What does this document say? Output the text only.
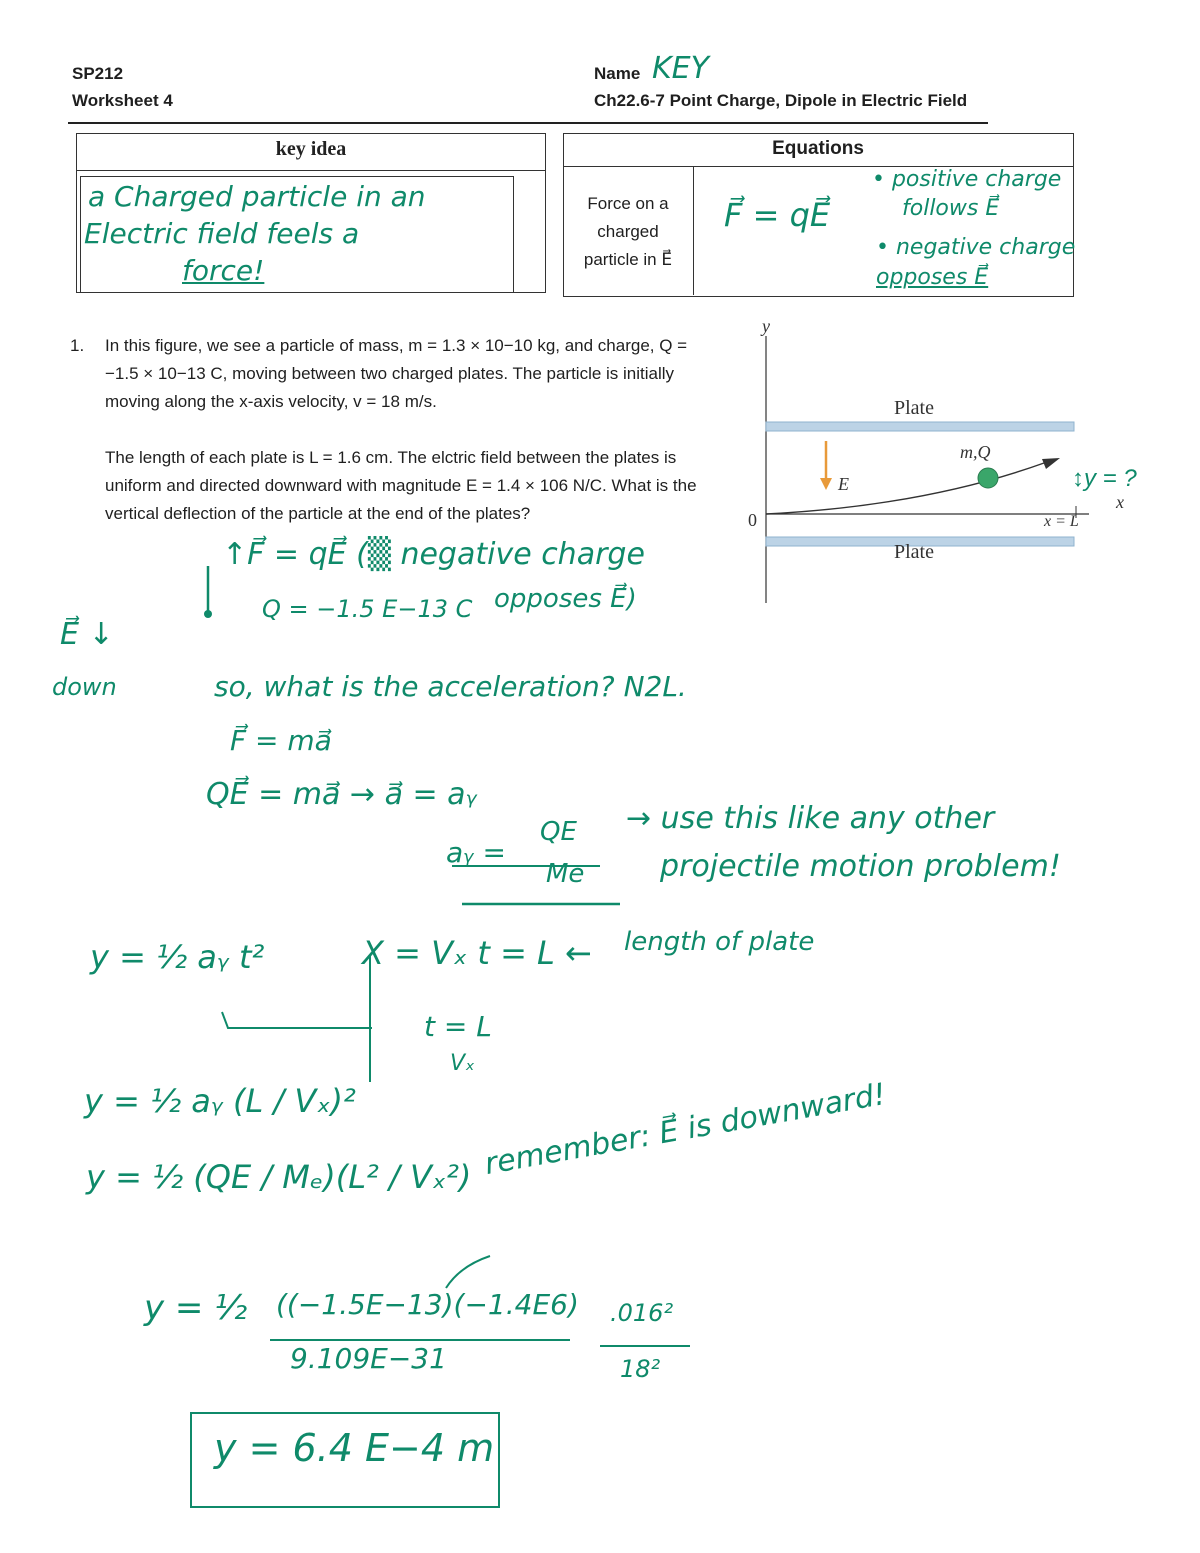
SP212
Worksheet 4
Name KEY
Ch22.6-7 Point Charge, Dipole in Electric Field
key idea
a Charged particle in an
Electric field feels a
force!
Equations
Force on a
charged
particle in E⃗
F⃗ = qE⃗
• positive charge
follows E⃗
• negative charge
opposes E⃗
1. In this figure, we see a particle of mass, m = 1.3 × 10−10 kg, and charge, Q = −1.5 × 10−13 C, moving between two charged plates. The particle is initially moving along the x-axis velocity, v = 18 m/s.
The length of each plate is L = 1.6 cm. The elctric field between the plates is uniform and directed downward with magnitude E = 1.4 × 106 N/C. What is the vertical deflection of the particle at the end of the plates?
y
Plate
Plate
0
x
m,Q
E⃗
x = L
↕y = ?
↑F⃗ = qE⃗ (▒ negative charge
Q = −1.5 E−13 C opposes E⃗)
E⃗ ↓
down	so, what is the acceleration? N2L.
F⃗ = ma⃗
QE⃗ = ma⃗ → a⃗ = aᵧ
QE
aᵧ =
Me
→ use this like any other
projectile motion problem!
y = ½ aᵧ t²	X = Vₓ t = L ← length of plate
t = L
Vₓ
y = ½ aᵧ (L / Vₓ)²
y = ½ (QE / Mₑ)(L² / Vₓ²) remember: E⃗ is downward!
y = ½ ((−1.5E−13)(−1.4E6)
9.109E−31
.016²
18²
y = 6.4 E−4 m
